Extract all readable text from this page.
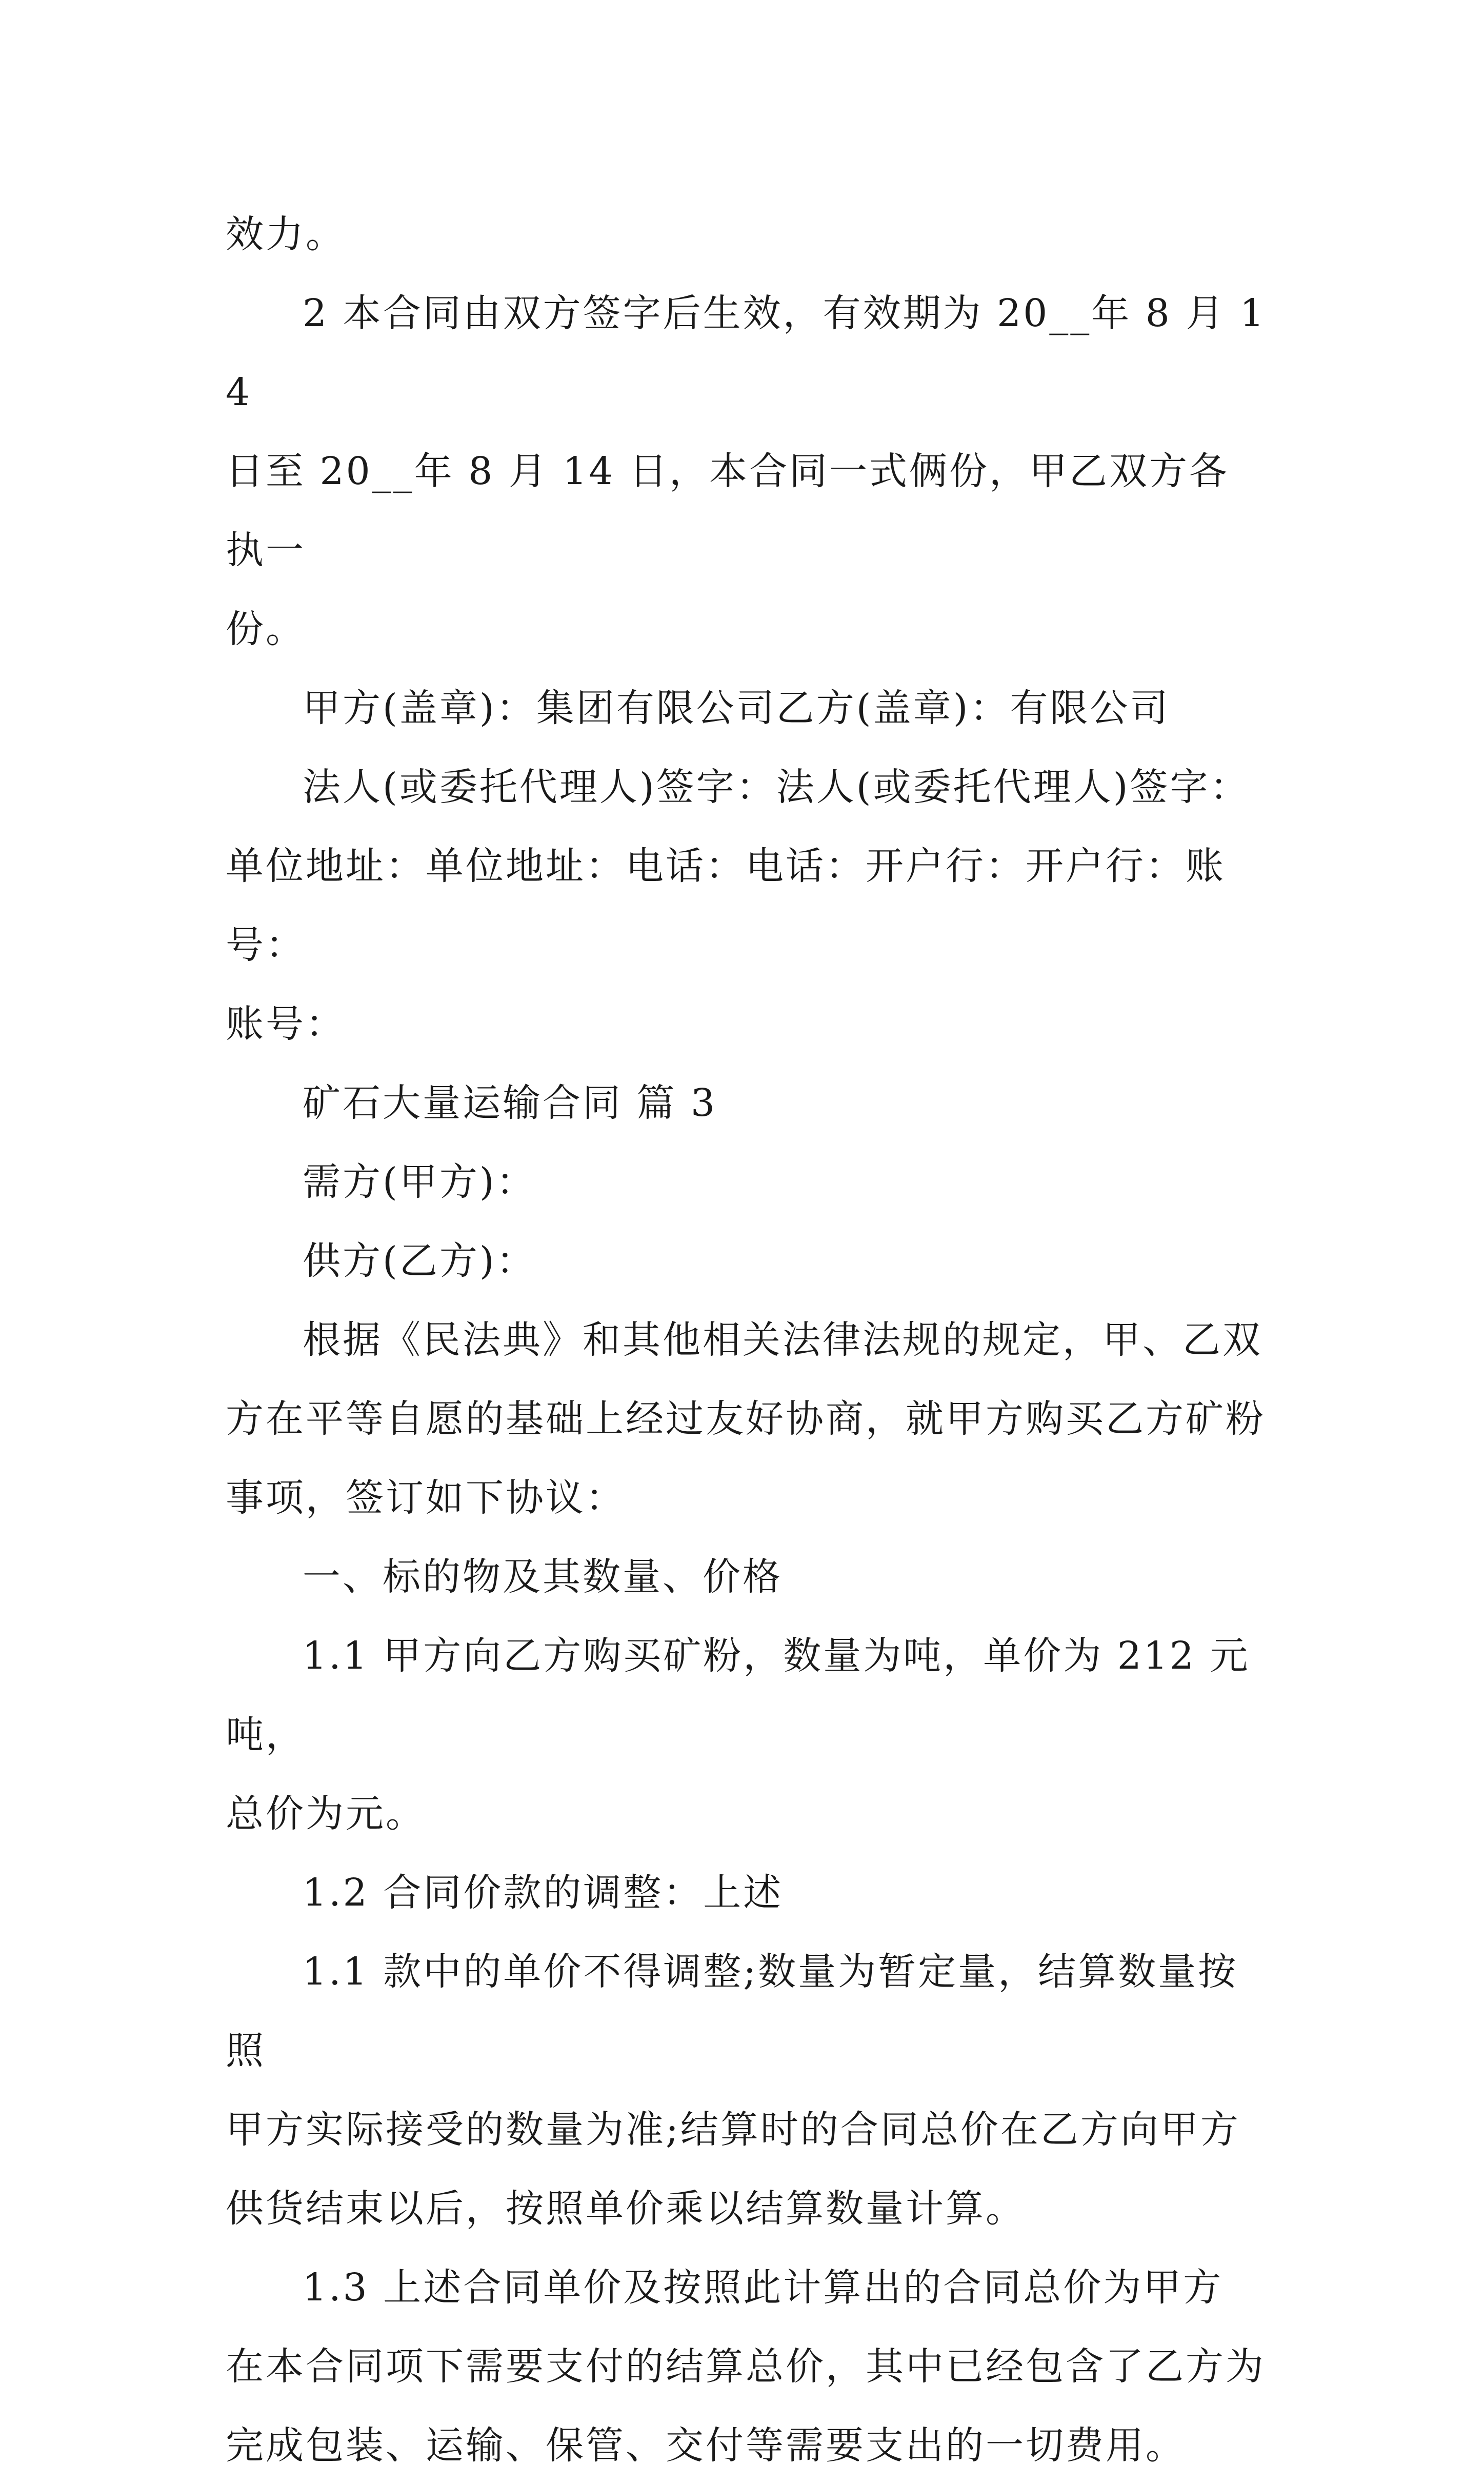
效力。

2 本合同由双方签字后生效，有效期为 20__年 8 月 14
日至 20__年 8 月 14 日，本合同一式俩份，甲乙双方各执一
份。

甲方(盖章)：集团有限公司乙方(盖章)：有限公司

法人(或委托代理人)签字：法人(或委托代理人)签字：
单位地址：单位地址：电话：电话：开户行：开户行：账号：
账号：

矿石大量运输合同 篇 3

需方(甲方)：

供方(乙方)：

根据《民法典》和其他相关法律法规的规定，甲、乙双
方在平等自愿的基础上经过友好协商，就甲方购买乙方矿粉
事项，签订如下协议：

一、标的物及其数量、价格

1.1 甲方向乙方购买矿粉，数量为吨，单价为 212 元吨，
总价为元。

1.2 合同价款的调整：上述

1.1 款中的单价不得调整;数量为暂定量，结算数量按照
甲方实际接受的数量为准;结算时的合同总价在乙方向甲方
供货结束以后，按照单价乘以结算数量计算。

1.3 上述合同单价及按照此计算出的合同总价为甲方
在本合同项下需要支付的结算总价，其中已经包含了乙方为
完成包装、运输、保管、交付等需要支出的一切费用。
